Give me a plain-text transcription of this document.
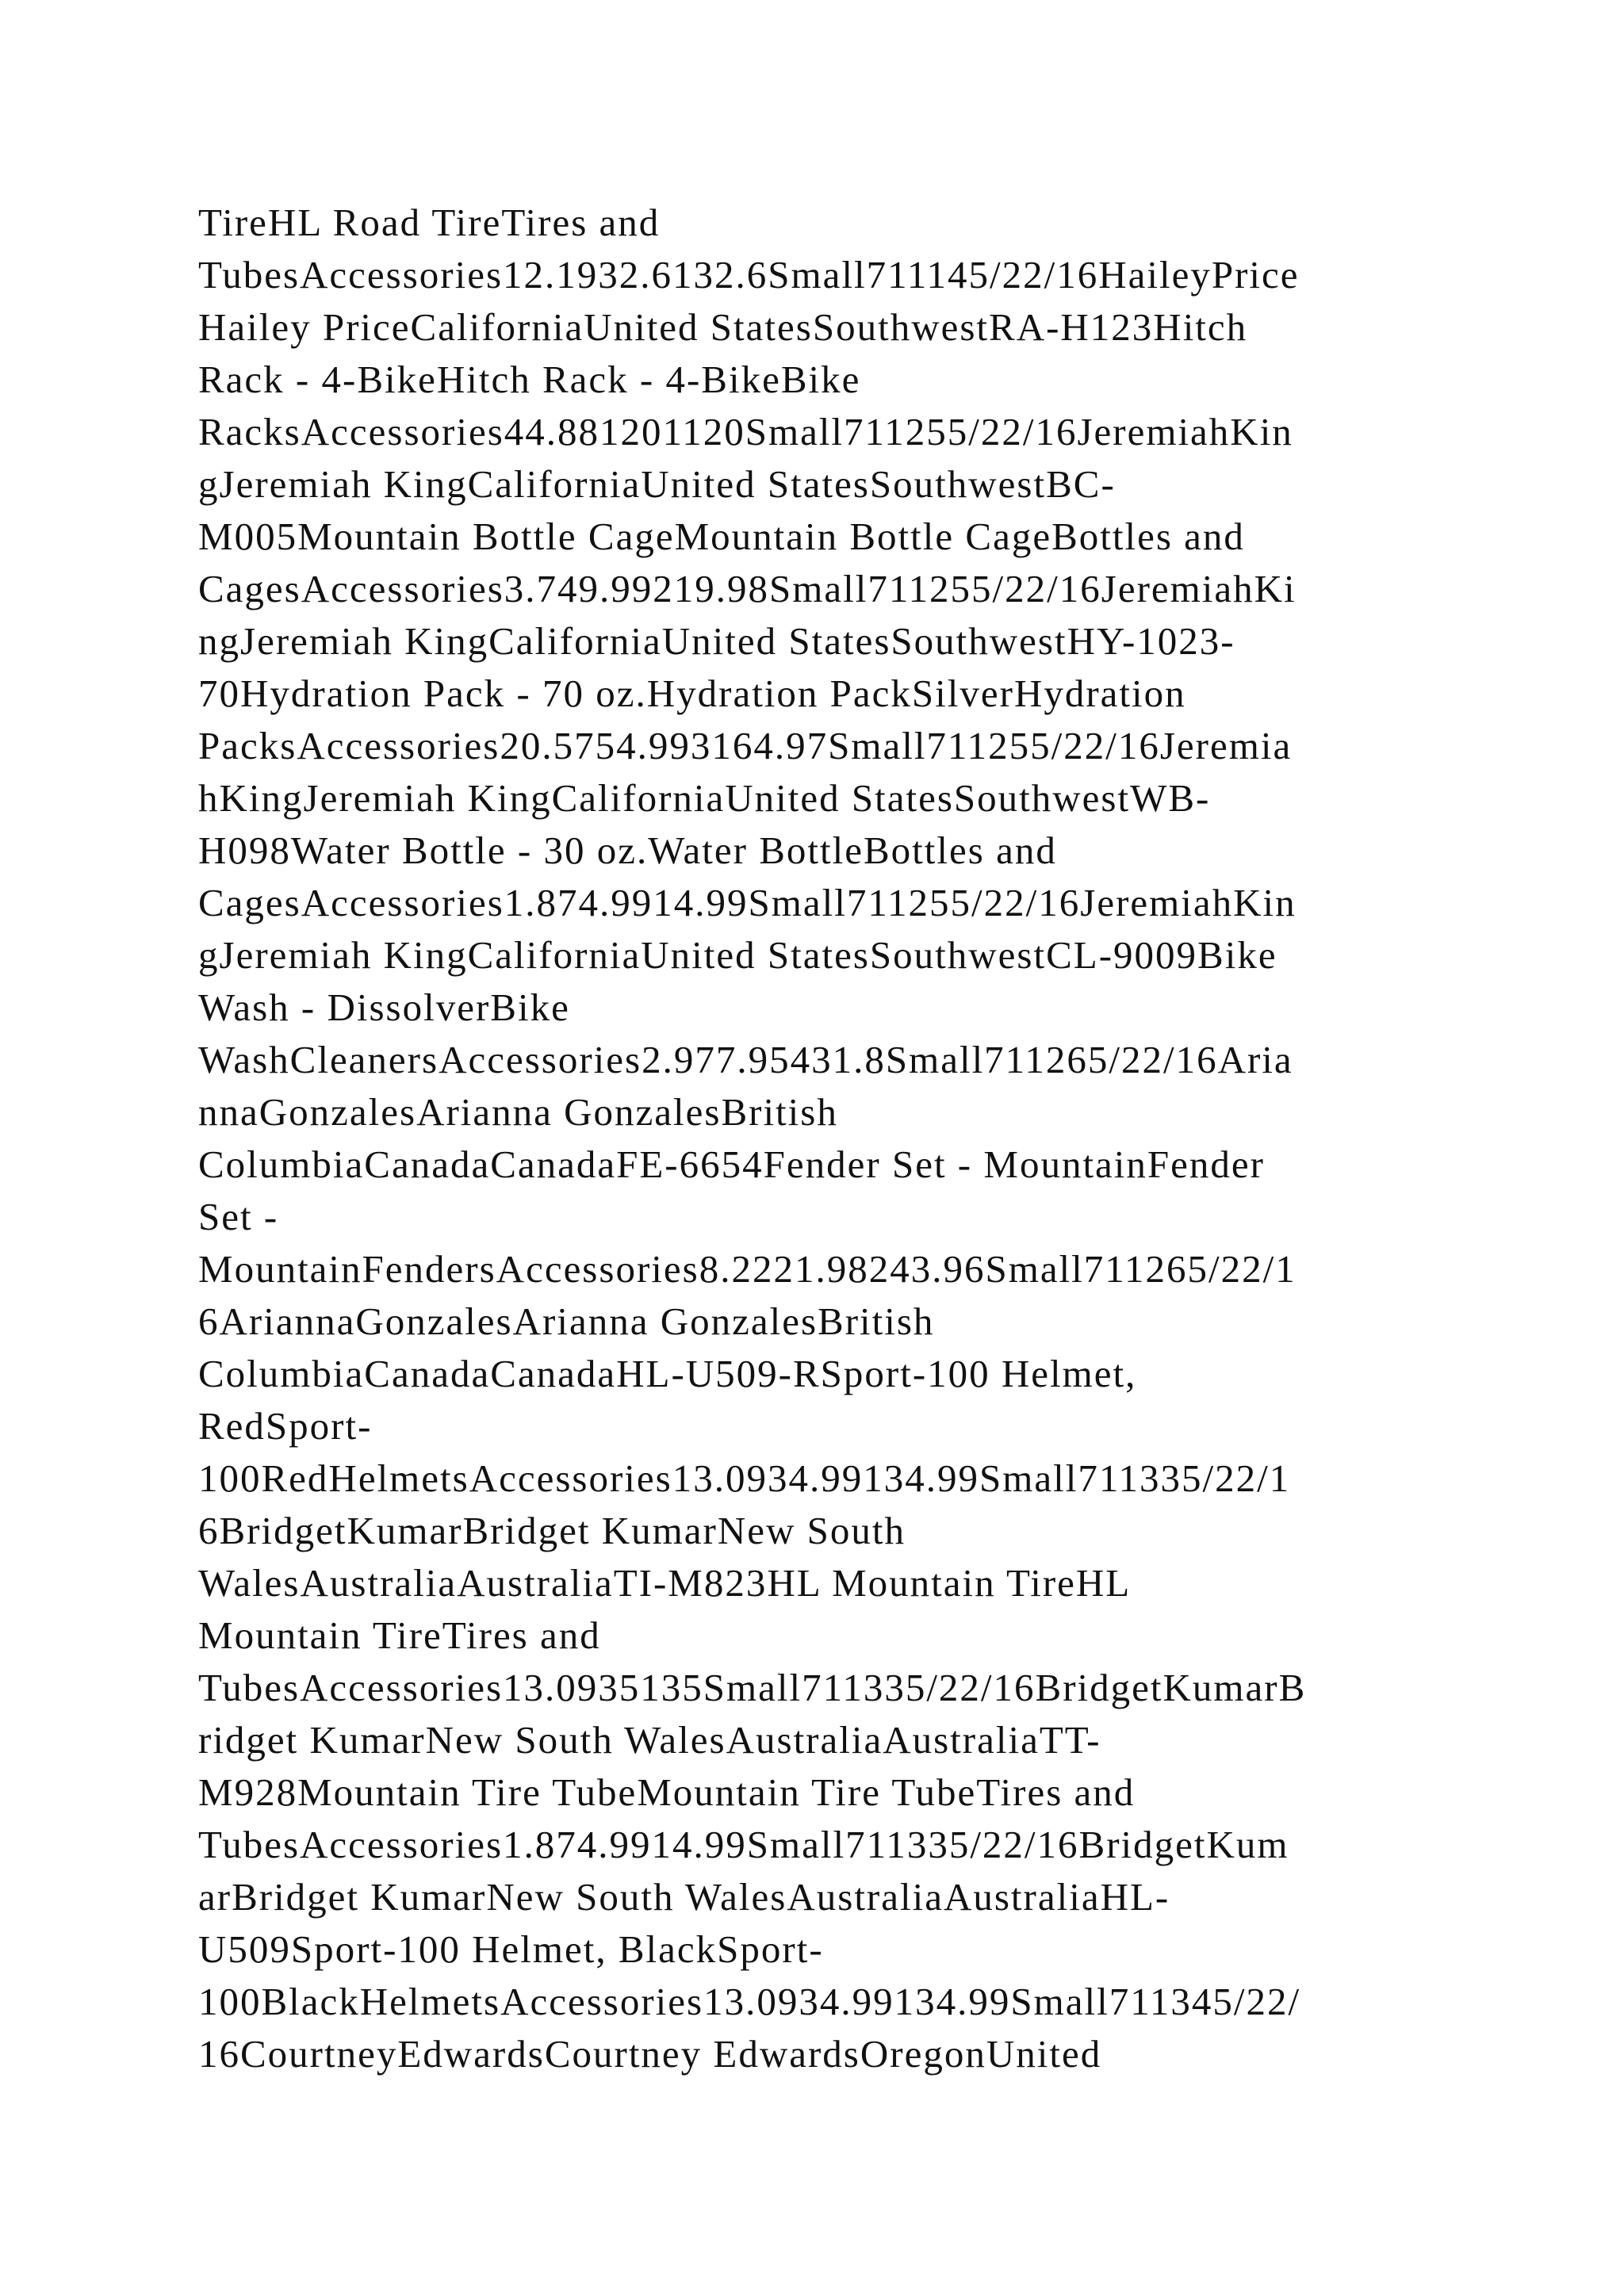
TireHL Road TireTires and
TubesAccessories12.1932.6132.6Small711145/22/16HaileyPrice
Hailey PriceCaliforniaUnited StatesSouthwestRA-H123Hitch
Rack - 4-BikeHitch Rack - 4-BikeBike
RacksAccessories44.881201120Small711255/22/16JeremiahKin
gJeremiah KingCaliforniaUnited StatesSouthwestBC-
M005Mountain Bottle CageMountain Bottle CageBottles and
CagesAccessories3.749.99219.98Small711255/22/16JeremiahKi
ngJeremiah KingCaliforniaUnited StatesSouthwestHY-1023-
70Hydration Pack - 70 oz.Hydration PackSilverHydration
PacksAccessories20.5754.993164.97Small711255/22/16Jeremia
hKingJeremiah KingCaliforniaUnited StatesSouthwestWB-
H098Water Bottle - 30 oz.Water BottleBottles and
CagesAccessories1.874.9914.99Small711255/22/16JeremiahKin
gJeremiah KingCaliforniaUnited StatesSouthwestCL-9009Bike
Wash - DissolverBike
WashCleanersAccessories2.977.95431.8Small711265/22/16Aria
nnaGonzalesArianna GonzalesBritish
ColumbiaCanadaCanadaFE-6654Fender Set - MountainFender
Set -
MountainFendersAccessories8.2221.98243.96Small711265/22/1
6AriannaGonzalesArianna GonzalesBritish
ColumbiaCanadaCanadaHL-U509-RSport-100 Helmet,
RedSport-
100RedHelmetsAccessories13.0934.99134.99Small711335/22/1
6BridgetKumarBridget KumarNew South
WalesAustraliaAustraliaTI-M823HL Mountain TireHL
Mountain TireTires and
TubesAccessories13.0935135Small711335/22/16BridgetKumarB
ridget KumarNew South WalesAustraliaAustraliaTT-
M928Mountain Tire TubeMountain Tire TubeTires and
TubesAccessories1.874.9914.99Small711335/22/16BridgetKum
arBridget KumarNew South WalesAustraliaAustraliaHL-
U509Sport-100 Helmet, BlackSport-
100BlackHelmetsAccessories13.0934.99134.99Small711345/22/
16CourtneyEdwardsCourtney EdwardsOregonUnited
